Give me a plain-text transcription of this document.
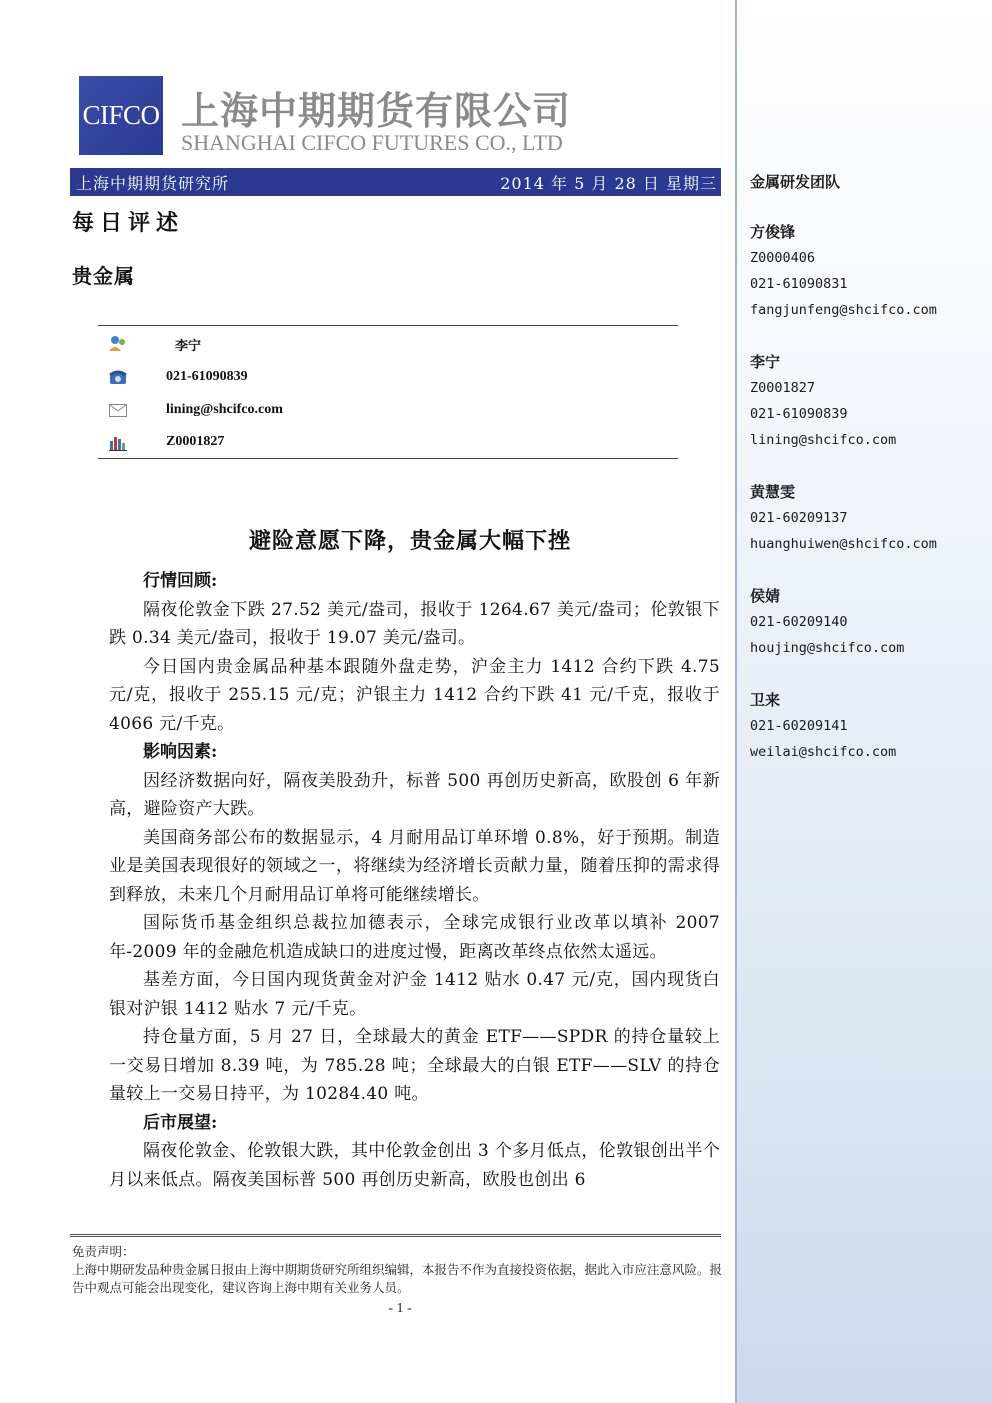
CIFCO 上海中期期货有限公司
SHANGHAI CIFCO FUTURES CO., LTD
上海中期期货研究所	2014 年 5 月 28 日 星期三
每日评述
贵金属
李宁
021-61090839
lining@shcifco.com
Z0001827
避险意愿下降，贵金属大幅下挫
行情回顾:

隔夜伦敦金下跌 27.52 美元/盎司，报收于 1264.67 美元/盎司；伦敦银下跌 0.34 美元/盎司，报收于 19.07 美元/盎司。

今日国内贵金属品种基本跟随外盘走势，沪金主力 1412 合约下跌 4.75 元/克，报收于 255.15 元/克；沪银主力 1412 合约下跌 41 元/千克，报收于 4066 元/千克。

影响因素:

因经济数据向好，隔夜美股劲升，标普 500 再创历史新高，欧股创 6 年新高，避险资产大跌。

美国商务部公布的数据显示，4 月耐用品订单环增 0.8%，好于预期。制造业是美国表现很好的领域之一，将继续为经济增长贡献力量，随着压抑的需求得到释放，未来几个月耐用品订单将可能继续增长。

国际货币基金组织总裁拉加德表示，全球完成银行业改革以填补 2007 年-2009 年的金融危机造成缺口的进度过慢，距离改革终点依然太遥远。

基差方面，今日国内现货黄金对沪金 1412 贴水 0.47 元/克，国内现货白银对沪银 1412 贴水 7 元/千克。

持仓量方面，5 月 27 日，全球最大的黄金 ETF——SPDR 的持仓量较上一交易日增加 8.39 吨，为 785.28 吨；全球最大的白银 ETF——SLV 的持仓量较上一交易日持平，为 10284.40 吨。

后市展望:

隔夜伦敦金、伦敦银大跌，其中伦敦金创出 3 个多月低点，伦敦银创出半个月以来低点。隔夜美国标普 500 再创历史新高，欧股也创出 6

免责声明：
上海中期研发品种贵金属日报由上海中期期货研究所组织编辑，本报告不作为直接投资依据，据此入市应注意风险。报告中观点可能会出现变化，建议咨询上海中期有关业务人员。
- 1 -
金属研发团队
方俊锋
Z0000406
021-61090831
fangjunfeng@shcifco.com
李宁
Z0001827
021-61090839
lining@shcifco.com
黄慧雯
021-60209137
huanghuiwen@shcifco.com
侯婧
021-60209140
houjing@shcifco.com
卫来
021-60209141
weilai@shcifco.com
